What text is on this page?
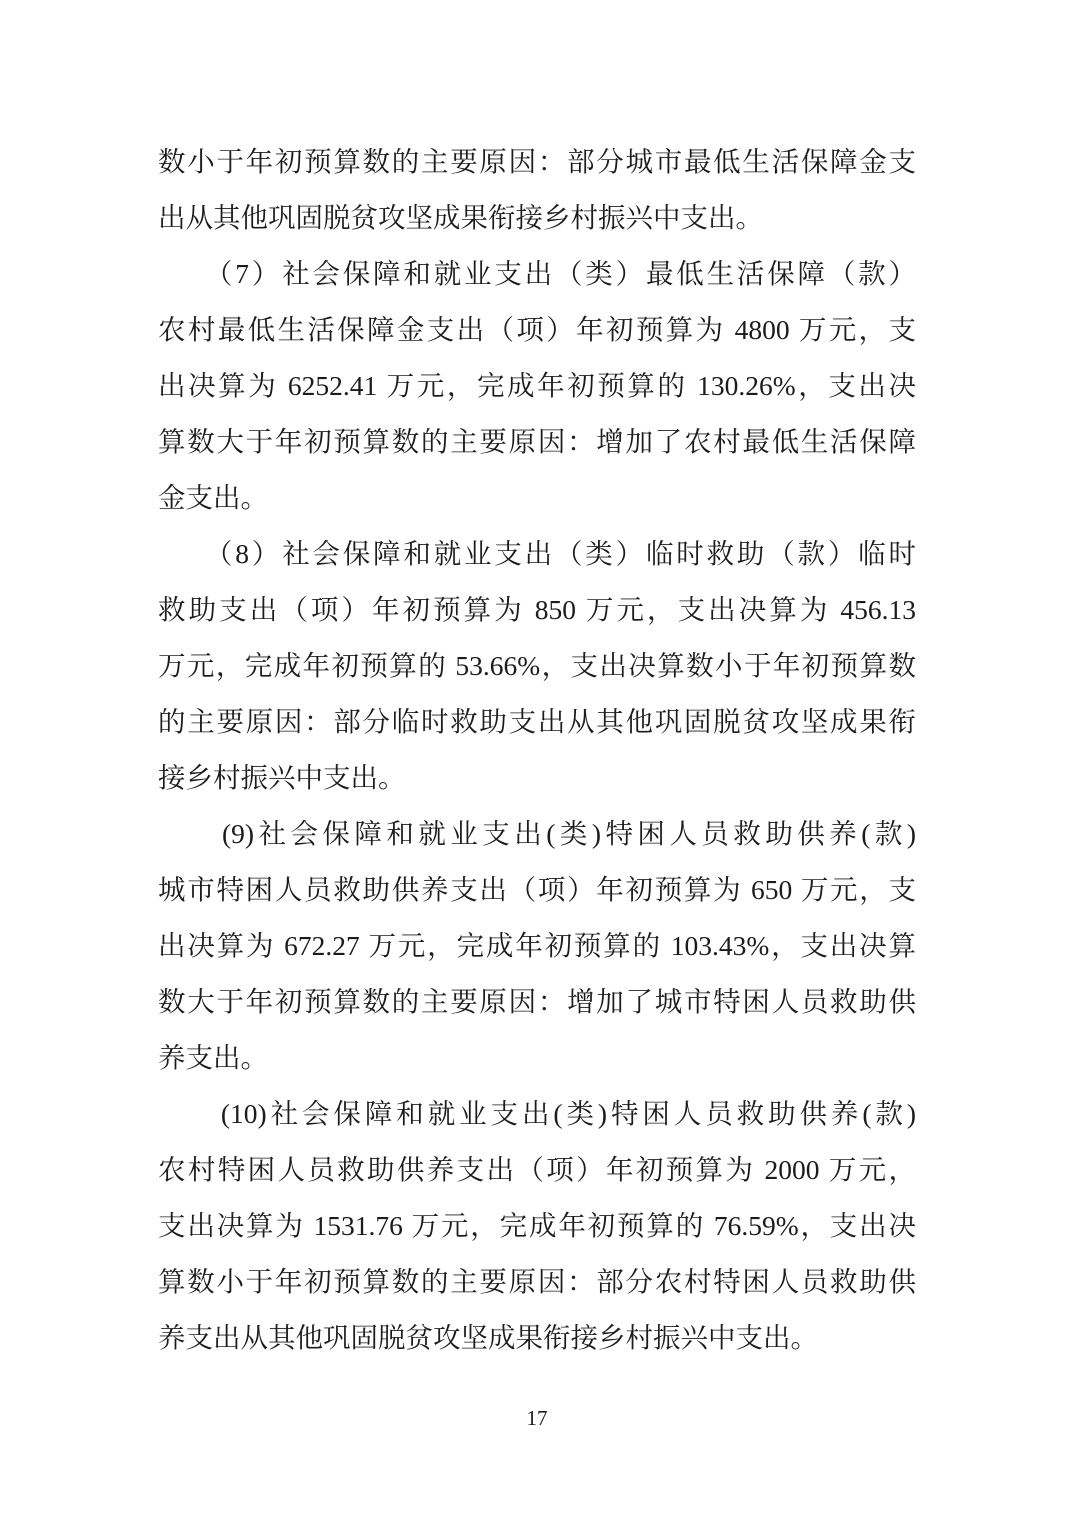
数小于年初预算数的主要原因：部分城市最低生活保障金支
出从其他巩固脱贫攻坚成果衔接乡村振兴中支出。
　　（7）社会保障和就业支出（类）最低生活保障（款）
农村最低生活保障金支出（项）年初预算为 4800 万元，支
出决算为 6252.41 万元，完成年初预算的 130.26%，支出决
算数大于年初预算数的主要原因：增加了农村最低生活保障
金支出。
　　（8）社会保障和就业支出（类）临时救助（款）临时
救助支出（项）年初预算为 850 万元，支出决算为 456.13
万元，完成年初预算的 53.66%，支出决算数小于年初预算数
的主要原因：部分临时救助支出从其他巩固脱贫攻坚成果衔
接乡村振兴中支出。
　　(9)社会保障和就业支出(类)特困人员救助供养(款)
城市特困人员救助供养支出（项）年初预算为 650 万元，支
出决算为 672.27 万元，完成年初预算的 103.43%，支出决算
数大于年初预算数的主要原因：增加了城市特困人员救助供
养支出。
　　(10)社会保障和就业支出(类)特困人员救助供养(款)
农村特困人员救助供养支出（项）年初预算为 2000 万元，
支出决算为 1531.76 万元，完成年初预算的 76.59%，支出决
算数小于年初预算数的主要原因：部分农村特困人员救助供
养支出从其他巩固脱贫攻坚成果衔接乡村振兴中支出。
17
